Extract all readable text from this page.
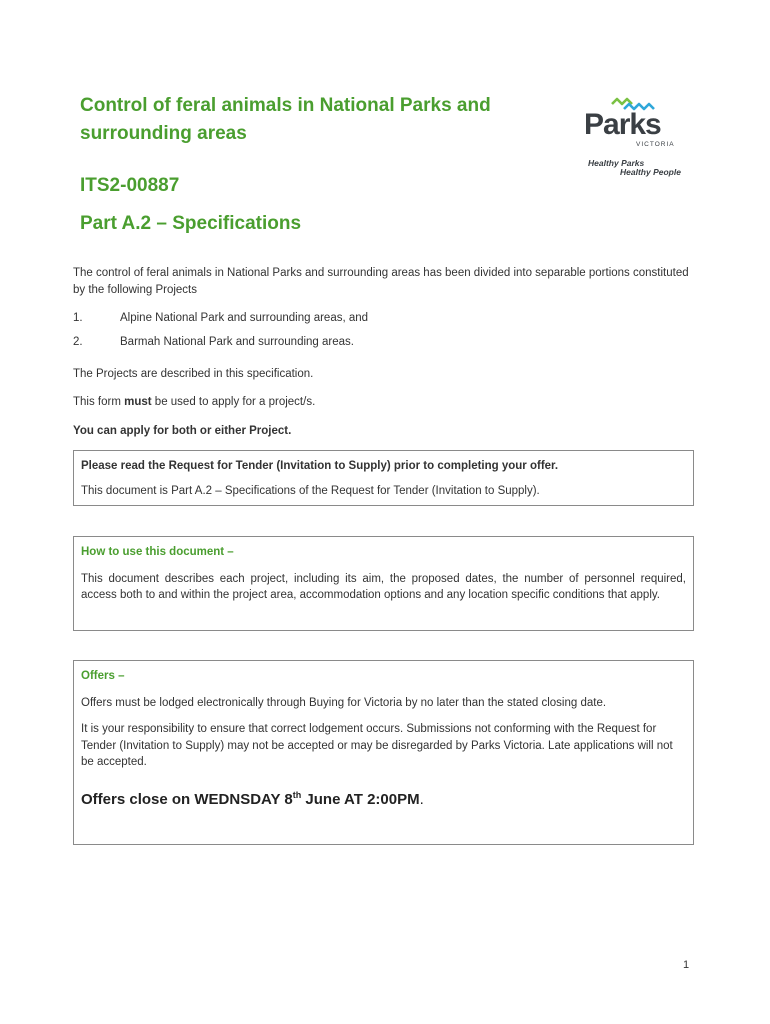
Control of feral animals in National Parks and surrounding areas
ITS2-00887
Part A.2 – Specifications
Parks
VICTORIA
Healthy Parks
Healthy People

The control of feral animals in National Parks and surrounding areas has been divided into separable portions constituted by the following Projects

1.	Alpine National Park and surrounding areas, and
2.	Barmah National Park and surrounding areas.

The Projects are described in this specification.

This form must be used to apply for a project/s.

You can apply for both or either Project.

Please read the Request for Tender (Invitation to Supply) prior to completing your offer.

This document is Part A.2 – Specifications of the Request for Tender (Invitation to Supply).

How to use this document –

This document describes each project, including its aim, the proposed dates, the number of personnel required, access both to and within the project area, accommodation options and any location specific conditions that apply.

Offers –

Offers must be lodged electronically through Buying for Victoria by no later than the stated closing date.

It is your responsibility to ensure that correct lodgement occurs. Submissions not conforming with the Request for Tender (Invitation to Supply) may not be accepted or may be disregarded by Parks Victoria. Late applications will not be accepted.

Offers close on WEDNSDAY 8th June AT 2:00PM.

1
